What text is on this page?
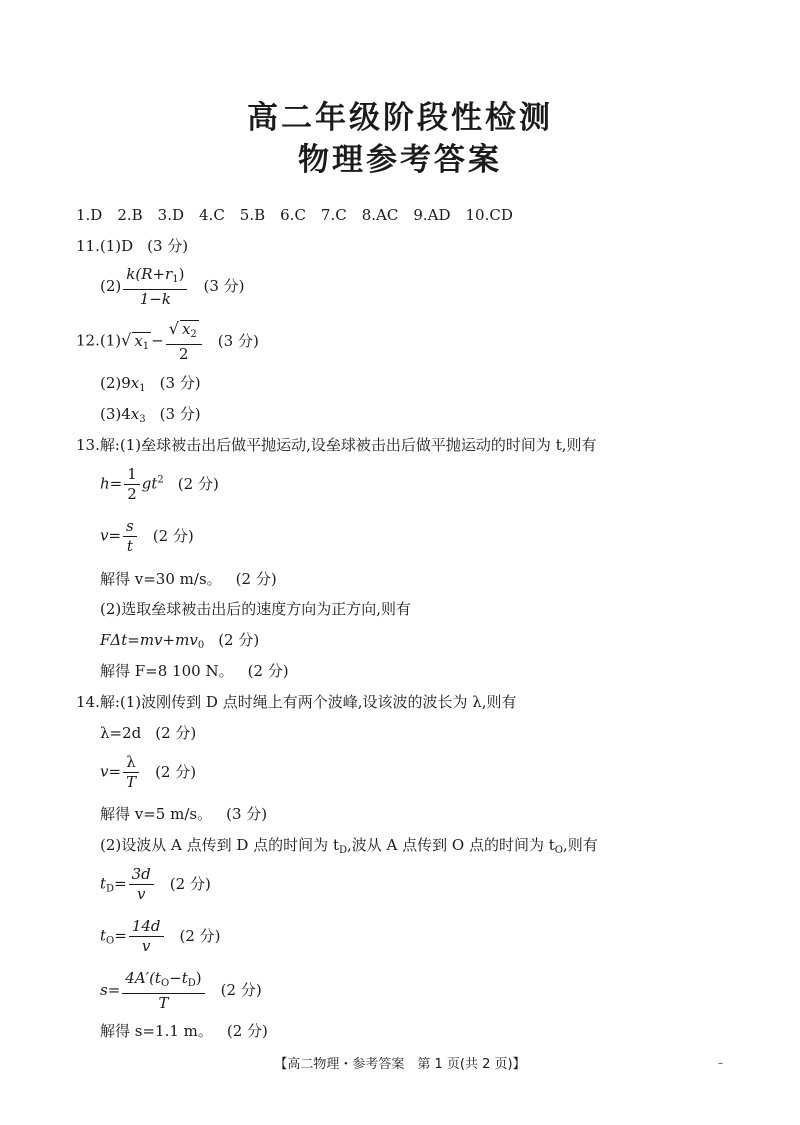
高二年级阶段性检测
物理参考答案
1.D　2.B　3.D　4.C　5.B　6.C　7.C　8.AC　9.AD　10.CD
11.(1)D (3 分)
$(2) \frac{k(R+r_1)}{1-k} (3$ 分)
12.(1)√ $x_1 - \frac{√ x_2}{2} (3$ 分)
$(2)9x_1$ (3 分)
$(3)4x_3$ (3 分)
13.解:(1)垒球被击出后做平抛运动,设垒球被击出后做平抛运动的时间为 t,则有
$h= \frac{1}{2} gt^2$ (2 分)
$v= \frac{s}{t} (2$ 分)
解得 v=30 m/s。 (2 分)
(2)选取垒球被击出后的速度方向为正方向,则有
$F\Delta t=mv+mv_0$ (2 分)
解得 F=8 100 N。 (2 分)
14.解:(1)波刚传到 D 点时绳上有两个波峰,设该波的波长为 λ,则有
λ=2d (2 分)
$v= \frac{\lambda}{T} (2$ 分)
解得 v=5 m/s。 (3 分)
(2)设波从 A 点传到 D 点的时间为 $t_D$,波从 A 点传到 O 点的时间为 $t_O$,则有
$t_D= \frac{3d}{v} (2$ 分)
$t_O= \frac{14d}{v} (2$ 分)
$s= \frac{4A'(t_O-t_D)}{T} (2$ 分)
解得 s=1.1 m。 (2 分)
【高二物理・参考答案　第 1 页(共 2 页)】	–
